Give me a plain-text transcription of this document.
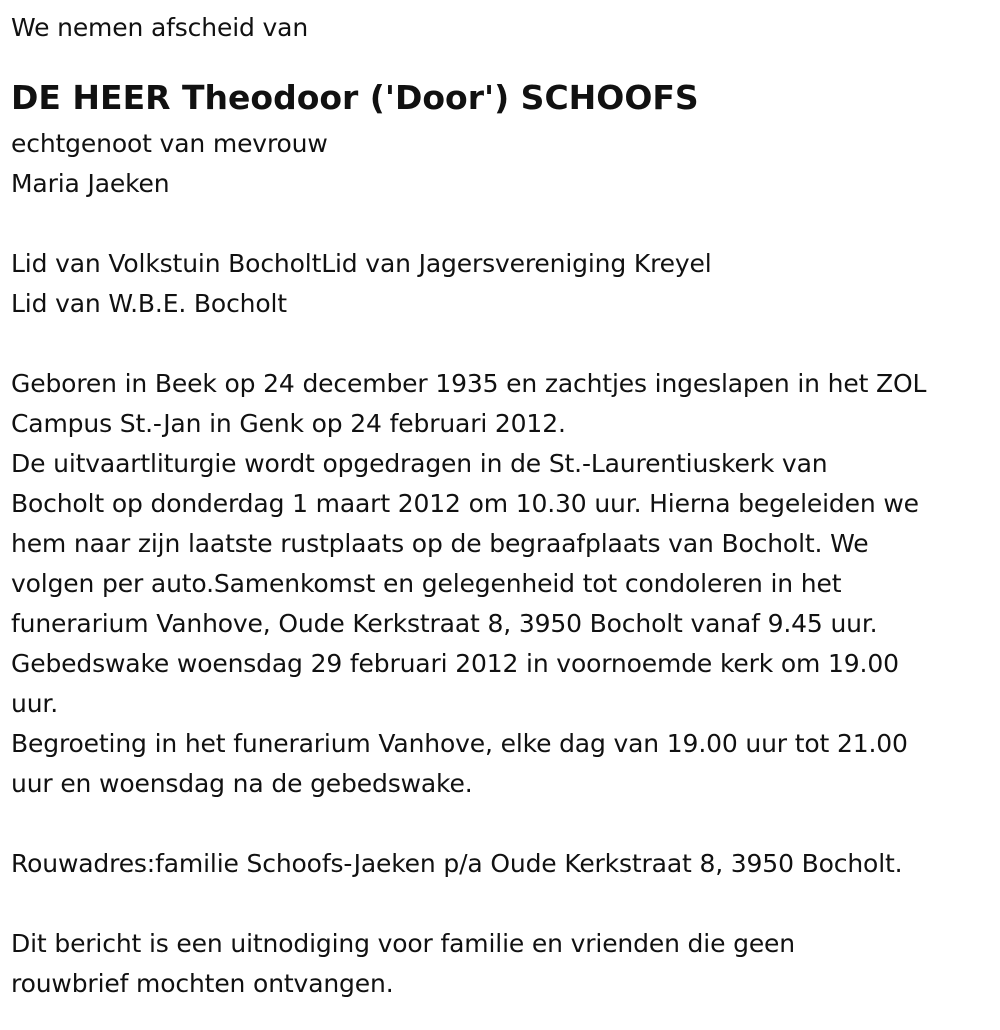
We nemen afscheid van
DE HEER Theodoor ('Door') SCHOOFS
echtgenoot van mevrouw
Maria Jaeken
Lid van Volkstuin BocholtLid van Jagersvereniging Kreyel
Lid van W.B.E. Bocholt
Geboren in Beek op 24 december 1935 en zachtjes ingeslapen in het ZOL
Campus St.-Jan in Genk op 24 februari 2012.
De uitvaartliturgie wordt opgedragen in de St.-Laurentiuskerk van
Bocholt op donderdag 1 maart 2012 om 10.30 uur. Hierna begeleiden we
hem naar zijn laatste rustplaats op de begraafplaats van Bocholt. We
volgen per auto.Samenkomst en gelegenheid tot condoleren in het
funerarium Vanhove, Oude Kerkstraat 8, 3950 Bocholt vanaf 9.45 uur.
Gebedswake woensdag 29 februari 2012 in voornoemde kerk om 19.00
uur.
Begroeting in het funerarium Vanhove, elke dag van 19.00 uur tot 21.00
uur en woensdag na de gebedswake.
Rouwadres:familie Schoofs-Jaeken p/a Oude Kerkstraat 8, 3950 Bocholt.
Dit bericht is een uitnodiging voor familie en vrienden die geen
rouwbrief mochten ontvangen.
